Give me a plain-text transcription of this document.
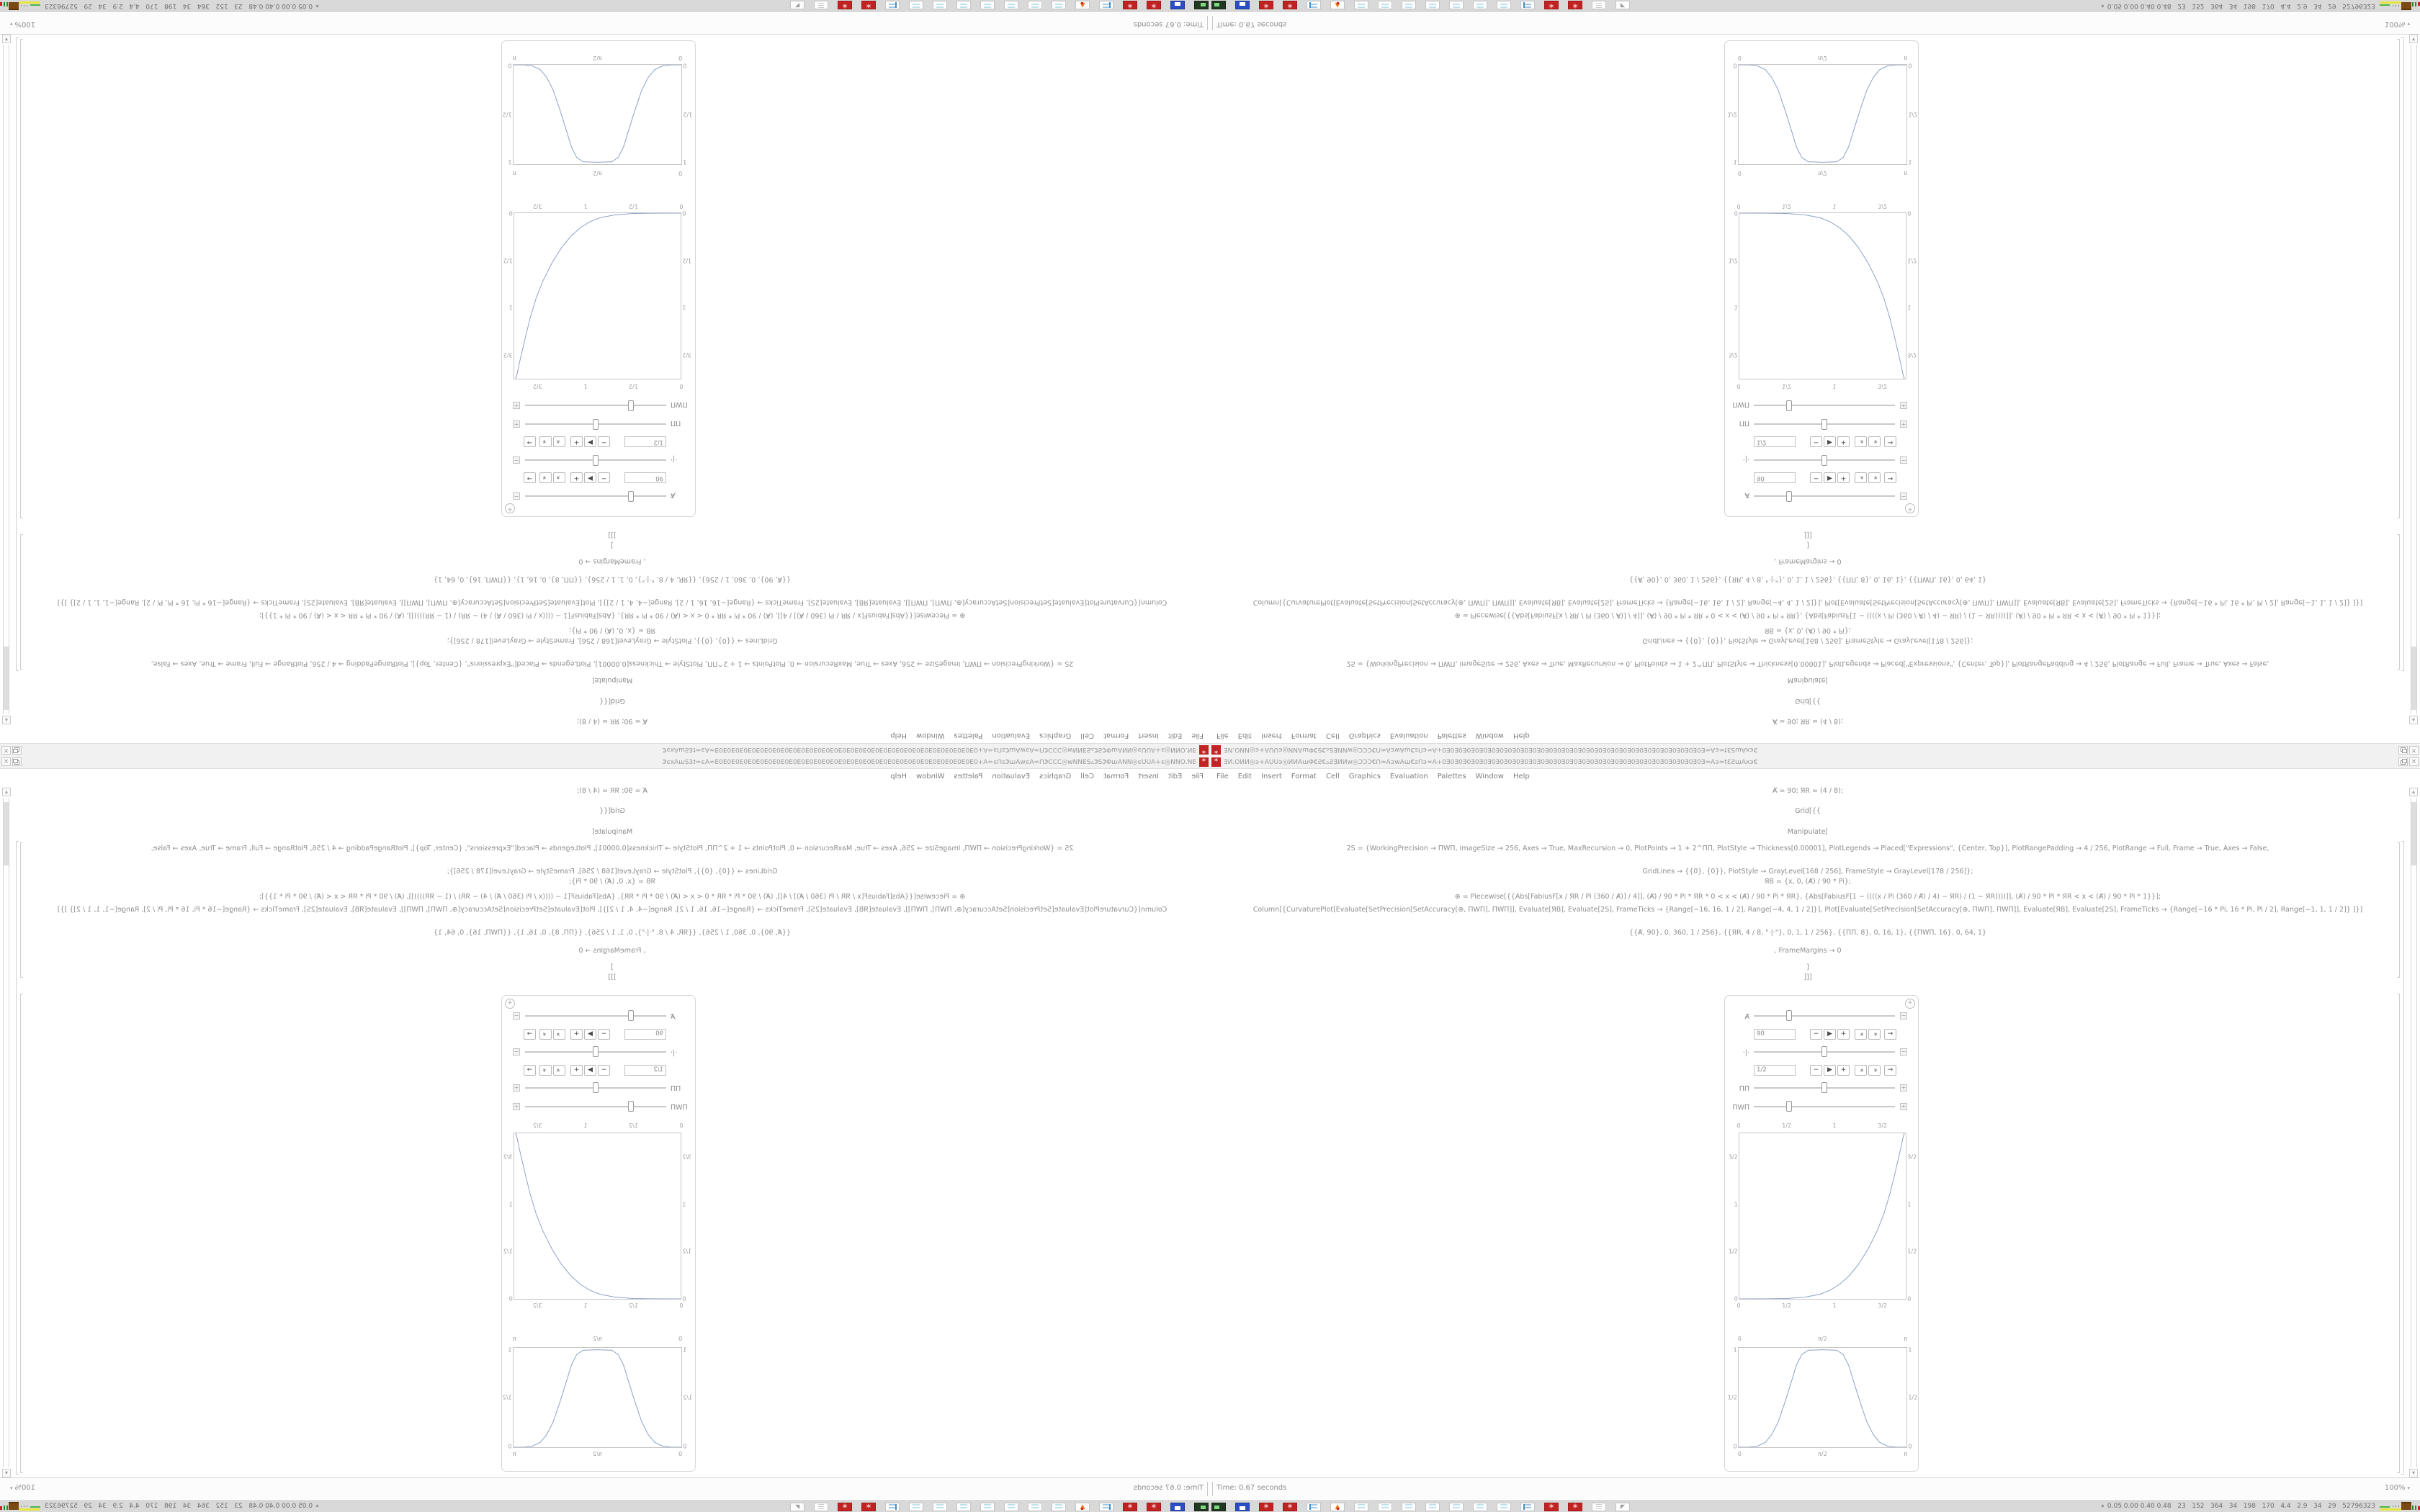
*
ƎИ.ОИИ◎϶+АUU϶◎ИИАɯΦ€Ƨ€▵ƧƎИИw◎ƆƆƆ€Ո≈А϶wАɯ€ƨՈ϶≈А+0Ǝ0Ǝ0Ǝ0Ǝ0Ǝ0Ǝ0Ǝ0Ǝ0Ǝ0Ǝ0Ǝ0Ǝ0Ǝ0Ǝ0Ǝ0Ǝ0Ǝ0Ǝ0Ǝ0Ǝ0Ǝ0Ǝ0Ǝ0Ǝ0Ǝ0Ǝ0Ǝ0Ǝ0Ǝ0Ǝ0Ǝ0Ǝ≈А϶≈tƐƧɯАx϶€
×
File
Edit
Insert
Format
Cell
Graphics
Evaluation
Palettes
Window
Help
Ⱥ = 90; ЯR = (4 / 8);
Grid[{{
Manipulate[
2S = {WorkingPrecision → ΠWΠ, ImageSize → 256, Axes → True, MaxRecursion → 0, PlotPoints → 1 + 2^ΠΠ, PlotStyle → Thickness[0.00001], PlotLegends → Placed["Expressions", {Center, Top}], PlotRangePadding → 4 / 256, PlotRange → Full, Frame → True, Axes → False,
GridLines → {{0}, {0}}, PlotStyle → GrayLevel[168 / 256], FrameStyle → GrayLevel[178 / 256]};
ЯВ = {x, 0, (Ⱥ) / 90 * Pi};
⊕ = Piecewise[{{Abs[FabiusF[x / ЯR / Pi (360 / Ⱥ)] / 4]], (Ⱥ) / 90 * Pi * ЯR * 0 < x < (Ⱥ) / 90 * Pi * ЯR}, {Abs[FabiusF[1 − ((((x / Pi (360 / Ⱥ) / 4) − ЯR) / (1 − ЯR))))]], (Ⱥ) / 90 * Pi * ЯR < x < (Ⱥ) / 90 * Pi * 1}}];
Column[{CurvaturePlot[Evaluate[SetPrecision[SetAccuracy[⊕, ΠWΠ], ΠWΠ]], Evaluate[ЯВ], Evaluate[2S], FrameTicks → {Range[−16, 16, 1 / 2], Range[−4, 4, 1 / 2]}], Plot[Evaluate[SetPrecision[SetAccuracy[⊕, ΠWΠ], ΠWΠ]], Evaluate[ЯВ], Evaluate[2S], FrameTicks → {Range[−16 * Pi, 16 * Pi, Pi / 2], Range[−1, 1, 1 / 2]} ]}]
{{Ⱥ, 90}, 0, 360, 1 / 256}, {{ЯR, 4 / 8, "·|·"}, 0, 1, 1 / 256}, {{ΠΠ, 8}, 0, 16, 1}, {{ΠWΠ, 16}, 0, 64, 1}
, FrameMargins → 0
]
]]]
+
Ⱥ
−
90
−
▶
+
«
»
→
·|·
−
1/2
−
▶
+
«
»
→
ΠΠ
+
ΠWΠ
+
0
1/2
1
3/2
0
1/2
1
3/2
0
1/2
1
3/2
0
1/2
1
3/2
0
π/2
π
0
1/2
1
0
1/2
1
0
π/2
π
▴
▾
Time: 0.67 seconds
100%▾
*
*
▲
*
*
◤
«0.05 0.00 0.40 0.48   23   152   364   34   198   170   4.4   2.9   34   29   52796323
* ƎИ.ОИИ◎϶+АUU϶◎ИИАɯΦ€Ƨ€▵ƧƎИИw◎ƆƆƆ€Ո≈А϶wАɯ€ƨՈ϶≈А+0Ǝ0Ǝ0Ǝ0Ǝ0Ǝ0Ǝ0Ǝ0Ǝ0Ǝ0Ǝ0Ǝ0Ǝ0Ǝ0Ǝ0Ǝ0Ǝ0Ǝ0Ǝ0Ǝ0Ǝ0Ǝ0Ǝ0Ǝ0Ǝ0Ǝ0Ǝ0Ǝ0Ǝ0Ǝ0Ǝ0Ǝ0Ǝ≈А϶≈tƐƧɯАx϶€	×
File Edit Insert Format Cell Graphics Evaluation Palettes Window Help
Ⱥ = 90; ЯR = (4 / 8);
Grid[{{
Manipulate[
2S = {WorkingPrecision → ΠWΠ, ImageSize → 256, Axes → True, MaxRecursion → 0, PlotPoints → 1 + 2^ΠΠ, PlotStyle → Thickness[0.00001], PlotLegends → Placed["Expressions", {Center, Top}], PlotRangePadding → 4 / 256, PlotRange → Full, Frame → True, Axes → False,
GridLines → {{0}, {0}}, PlotStyle → GrayLevel[168 / 256], FrameStyle → GrayLevel[178 / 256]};
ЯВ = {x, 0, (Ⱥ) / 90 * Pi};
⊕ = Piecewise[{{Abs[FabiusF[x / ЯR / Pi (360 / Ⱥ)] / 4]], (Ⱥ) / 90 * Pi * ЯR * 0 < x < (Ⱥ) / 90 * Pi * ЯR}, {Abs[FabiusF[1 − ((((x / Pi (360 / Ⱥ) / 4) − ЯR) / (1 − ЯR))))]], (Ⱥ) / 90 * Pi * ЯR < x < (Ⱥ) / 90 * Pi * 1}}];
Column[{CurvaturePlot[Evaluate[SetPrecision[SetAccuracy[⊕, ΠWΠ], ΠWΠ]], Evaluate[ЯВ], Evaluate[2S], FrameTicks → {Range[−16, 16, 1 / 2], Range[−4, 4, 1 / 2]}], Plot[Evaluate[SetPrecision[SetAccuracy[⊕, ΠWΠ], ΠWΠ]], Evaluate[ЯВ], Evaluate[2S], FrameTicks → {Range[−16 * Pi, 16 * Pi, Pi / 2], Range[−1, 1, 1 / 2]} ]}]
{{Ⱥ, 90}, 0, 360, 1 / 256}, {{ЯR, 4 / 8, "·|·"}, 0, 1, 1 / 256}, {{ΠΠ, 8}, 0, 16, 1}, {{ΠWΠ, 16}, 0, 64, 1}
, FrameMargins → 0
]
]]]
+
Ⱥ	−
90	−	▶	+	«	»	→
·|·	−
1/2	−	▶	+	«	»	→
ΠΠ	+
ΠWΠ	+
0	1/2	1	3/2
0
1/2
1
3/2
0
1/2
1
3/2
0	1/2	1	3/2
0	π/2	π
0
1/2
1
0
1/2
1
0	π/2	π
▴
▾
Time: 0.67 seconds	100% ▾
*
*
▲
*
*
◤
« 0.05 0.00 0.40 0.48   23   152   364   34   198   170   4.4   2.9   34   29   52796323
*
ƎИ.ОИИ◎϶+АUU϶◎ИИАɯΦ€Ƨ€▵ƧƎИИw◎ƆƆƆ€Ո≈А϶wАɯ€ƨՈ϶≈А+0Ǝ0Ǝ0Ǝ0Ǝ0Ǝ0Ǝ0Ǝ0Ǝ0Ǝ0Ǝ0Ǝ0Ǝ0Ǝ0Ǝ0Ǝ0Ǝ0Ǝ0Ǝ0Ǝ0Ǝ0Ǝ0Ǝ0Ǝ0Ǝ0Ǝ0Ǝ0Ǝ0Ǝ0Ǝ0Ǝ0Ǝ0Ǝ≈А϶≈tƐƧɯАx϶€
×
File
Edit
Insert
Format
Cell
Graphics
Evaluation
Palettes
Window
Help
Ⱥ = 90; ЯR = (4 / 8);
Grid[{{
Manipulate[
2S = {WorkingPrecision → ΠWΠ, ImageSize → 256, Axes → True, MaxRecursion → 0, PlotPoints → 1 + 2^ΠΠ, PlotStyle → Thickness[0.00001], PlotLegends → Placed["Expressions", {Center, Top}], PlotRangePadding → 4 / 256, PlotRange → Full, Frame → True, Axes → False,
GridLines → {{0}, {0}}, PlotStyle → GrayLevel[168 / 256], FrameStyle → GrayLevel[178 / 256]};
ЯВ = {x, 0, (Ⱥ) / 90 * Pi};
⊕ = Piecewise[{{Abs[FabiusF[x / ЯR / Pi (360 / Ⱥ)] / 4]], (Ⱥ) / 90 * Pi * ЯR * 0 < x < (Ⱥ) / 90 * Pi * ЯR}, {Abs[FabiusF[1 − ((((x / Pi (360 / Ⱥ) / 4) − ЯR) / (1 − ЯR))))]], (Ⱥ) / 90 * Pi * ЯR < x < (Ⱥ) / 90 * Pi * 1}}];
Column[{CurvaturePlot[Evaluate[SetPrecision[SetAccuracy[⊕, ΠWΠ], ΠWΠ]], Evaluate[ЯВ], Evaluate[2S], FrameTicks → {Range[−16, 16, 1 / 2], Range[−4, 4, 1 / 2]}], Plot[Evaluate[SetPrecision[SetAccuracy[⊕, ΠWΠ], ΠWΠ]], Evaluate[ЯВ], Evaluate[2S], FrameTicks → {Range[−16 * Pi, 16 * Pi, Pi / 2], Range[−1, 1, 1 / 2]} ]}]
{{Ⱥ, 90}, 0, 360, 1 / 256}, {{ЯR, 4 / 8, "·|·"}, 0, 1, 1 / 256}, {{ΠΠ, 8}, 0, 16, 1}, {{ΠWΠ, 16}, 0, 64, 1}
, FrameMargins → 0
]
]]]
+
Ⱥ
−
90
−
▶
+
«
»
→
·|·
−
1/2
−
▶
+
«
»
→
ΠΠ
+
ΠWΠ
+
0
1/2
1
3/2
0
1/2
1
3/2
0
1/2
1
3/2
0
1/2
1
3/2
0
π/2
π
0
1/2
1
0
1/2
1
0
π/2
π
▴
▾
Time: 0.67 seconds
100%▾
*
*
▲
*
*
◤
«0.05 0.00 0.40 0.48   23   152   364   34   198   170   4.4   2.9   34   29   52796323
* ƎИ.ОИИ◎϶+АUU϶◎ИИАɯΦ€Ƨ€▵ƧƎИИw◎ƆƆƆ€Ո≈А϶wАɯ€ƨՈ϶≈А+0Ǝ0Ǝ0Ǝ0Ǝ0Ǝ0Ǝ0Ǝ0Ǝ0Ǝ0Ǝ0Ǝ0Ǝ0Ǝ0Ǝ0Ǝ0Ǝ0Ǝ0Ǝ0Ǝ0Ǝ0Ǝ0Ǝ0Ǝ0Ǝ0Ǝ0Ǝ0Ǝ0Ǝ0Ǝ0Ǝ0Ǝ0Ǝ≈А϶≈tƐƧɯАx϶€	×
File Edit Insert Format Cell Graphics Evaluation Palettes Window Help
Ⱥ = 90; ЯR = (4 / 8);
Grid[{{
Manipulate[
2S = {WorkingPrecision → ΠWΠ, ImageSize → 256, Axes → True, MaxRecursion → 0, PlotPoints → 1 + 2^ΠΠ, PlotStyle → Thickness[0.00001], PlotLegends → Placed["Expressions", {Center, Top}], PlotRangePadding → 4 / 256, PlotRange → Full, Frame → True, Axes → False,
GridLines → {{0}, {0}}, PlotStyle → GrayLevel[168 / 256], FrameStyle → GrayLevel[178 / 256]};
ЯВ = {x, 0, (Ⱥ) / 90 * Pi};
⊕ = Piecewise[{{Abs[FabiusF[x / ЯR / Pi (360 / Ⱥ)] / 4]], (Ⱥ) / 90 * Pi * ЯR * 0 < x < (Ⱥ) / 90 * Pi * ЯR}, {Abs[FabiusF[1 − ((((x / Pi (360 / Ⱥ) / 4) − ЯR) / (1 − ЯR))))]], (Ⱥ) / 90 * Pi * ЯR < x < (Ⱥ) / 90 * Pi * 1}}];
Column[{CurvaturePlot[Evaluate[SetPrecision[SetAccuracy[⊕, ΠWΠ], ΠWΠ]], Evaluate[ЯВ], Evaluate[2S], FrameTicks → {Range[−16, 16, 1 / 2], Range[−4, 4, 1 / 2]}], Plot[Evaluate[SetPrecision[SetAccuracy[⊕, ΠWΠ], ΠWΠ]], Evaluate[ЯВ], Evaluate[2S], FrameTicks → {Range[−16 * Pi, 16 * Pi, Pi / 2], Range[−1, 1, 1 / 2]} ]}]
{{Ⱥ, 90}, 0, 360, 1 / 256}, {{ЯR, 4 / 8, "·|·"}, 0, 1, 1 / 256}, {{ΠΠ, 8}, 0, 16, 1}, {{ΠWΠ, 16}, 0, 64, 1}
, FrameMargins → 0
]
]]]
+
Ⱥ	−
90	−	▶	+	«	»	→
·|·	−
1/2	−	▶	+	«	»	→
ΠΠ	+
ΠWΠ	+
0	1/2	1	3/2
0
1/2
1
3/2
0
1/2
1
3/2
0	1/2	1	3/2
0	π/2	π
0
1/2
1
0
1/2
1
0	π/2	π
▴
▾
Time: 0.67 seconds	100% ▾
*
*
▲
*
*
◤
« 0.05 0.00 0.40 0.48   23   152   364   34   198   170   4.4   2.9   34   29   52796323
